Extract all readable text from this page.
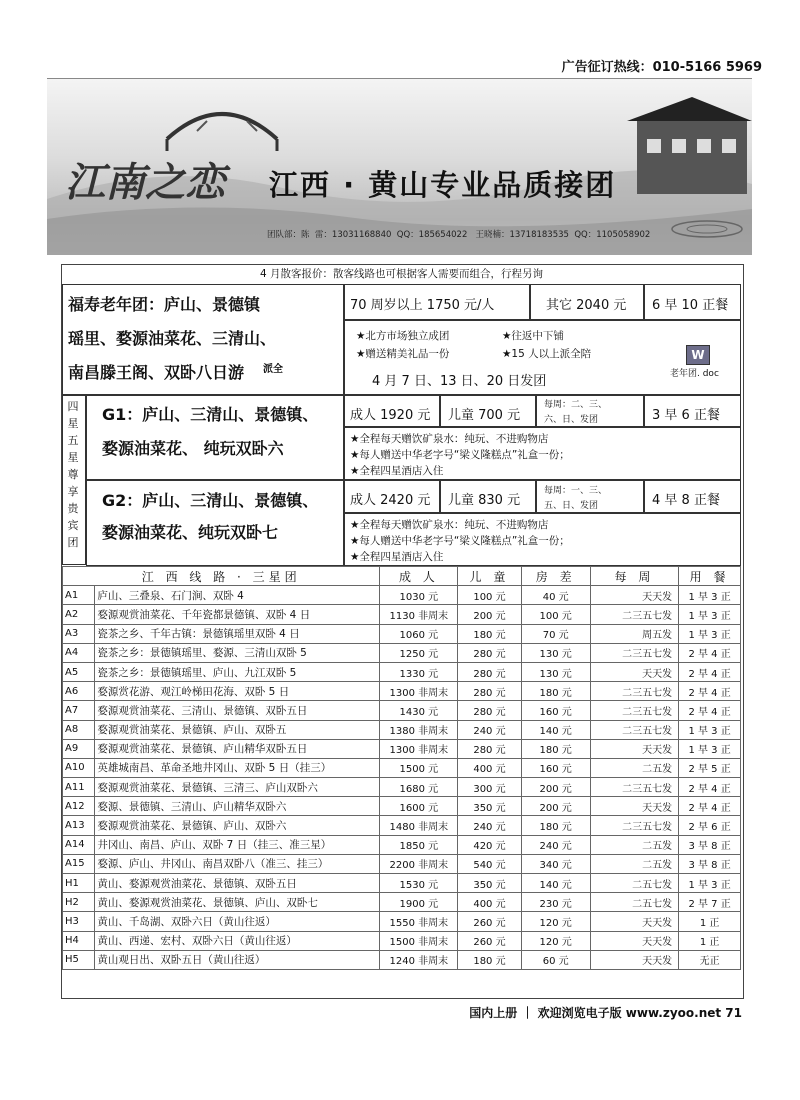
广告征订热线：010-5166 5969
江南之恋 江西 · 黄山专业品质接团

团队部：陈  雷：13031168840  QQ：185654022   王晓楠：13718183535  QQ：1105058902

4 月散客报价：散客线路也可根据客人需要而组合，行程另询
福寿老年团：庐山、景德镇
瑶里、婺源油菜花、三清山、
南昌滕王阁、双卧八日游 派全
70 周岁以上 1750 元/人	其它 2040 元 6 早 10 正餐
★北方市场独立成团	★往返中下铺
★赠送精美礼品一份	★15 人以上派全陪
4 月 7 日、13 日、20 日发团
W
老年团. doc
四
星
五
星
尊
享
贵
宾
团
G1：庐山、三清山、景德镇、
婺源油菜花、 纯玩双卧六
成人 1920 元 儿童 700 元
每周：二、三、
六、日、发团	3 早 6 正餐
★全程每天赠饮矿泉水：纯玩、不进购物店
★每人赠送中华老字号“梁义隆糕点”礼盒一份；
★全程四星酒店入住
G2：庐山、三清山、景德镇、
婺源油菜花、纯玩双卧七
成人 2420 元 儿童 830 元
每周：一、三、
五、日、发团	4 早 8 正餐
★全程每天赠饮矿泉水：纯玩、不进购物店
★每人赠送中华老字号“梁义隆糕点”礼盒一份；
★全程四星酒店入住
江 西 线 路 · 三星团		成 人	儿 童	房 差	每 周	用 餐
A1	庐山、三叠泉、石门涧、双卧 4	1030 元	100 元	40 元	天天发	1 早 3 正
A2	婺源观赏油菜花、千年瓷都景德镇、双卧 4 日	1130 非周末	200 元	100 元	二三五七发	1 早 3 正
A3	瓷茶之乡、千年古镇：景德镇瑶里双卧 4 日	1060 元	180 元	70 元	周五发	1 早 3 正
A4	瓷茶之乡：景德镇瑶里、婺源、三清山双卧 5	1250 元	280 元	130 元	二三五七发	2 早 4 正
A5	瓷茶之乡：景德镇瑶里、庐山、九江双卧 5	1330 元	280 元	130 元	天天发	2 早 4 正
A6	婺源赏花游、观江岭梯田花海、双卧 5 日	1300 非周末	280 元	180 元	二三五七发	2 早 4 正
A7	婺源观赏油菜花、三清山、景德镇、双卧五日	1430 元	280 元	160 元	二三五七发	2 早 4 正
A8	婺源观赏油菜花、景德镇、庐山、双卧五	1380 非周末	240 元	140 元	二三五七发	1 早 3 正
A9	婺源观赏油菜花、景德镇、庐山精华双卧五日	1300 非周末	280 元	180 元	天天发	1 早 3 正
A10	英雄城南昌、革命圣地井冈山、双卧 5 日（挂三）	1500 元	400 元	160 元	二五发	2 早 5 正
A11	婺源观赏油菜花、景德镇、三清三、庐山双卧六	1680 元	300 元	200 元	二三五七发	2 早 4 正
A12	婺源、景德镇、三清山、庐山精华双卧六	1600 元	350 元	200 元	天天发	2 早 4 正
A13	婺源观赏油菜花、景德镇、庐山、双卧六	1480 非周末	240 元	180 元	二三五七发	2 早 6 正
A14	井冈山、南昌、庐山、双卧 7 日（挂三、准三星）	1850 元	420 元	240 元	二五发	3 早 8 正
A15	婺源、庐山、井冈山、南昌双卧八（准三、挂三）	2200 非周末	540 元	340 元	二五发	3 早 8 正
H1	黄山、婺源观赏油菜花、景德镇、双卧五日	1530 元	350 元	140 元	二五七发	1 早 3 正
H2	黄山、婺源观赏油菜花、景德镇、庐山、双卧七	1900 元	400 元	230 元	二五七发	2 早 7 正
H3	黄山、千岛湖、双卧六日（黄山往返）	1550 非周末	260 元	120 元	天天发	1 正
H4	黄山、西递、宏村、双卧六日（黄山往返）	1500 非周末	260 元	120 元	天天发	1 正
H5	黄山观日出、双卧五日（黄山往返）	1240 非周末	180 元	60 元	天天发	无正
国内上册 ｜ 欢迎浏览电子版 www.zyoo.net 71
